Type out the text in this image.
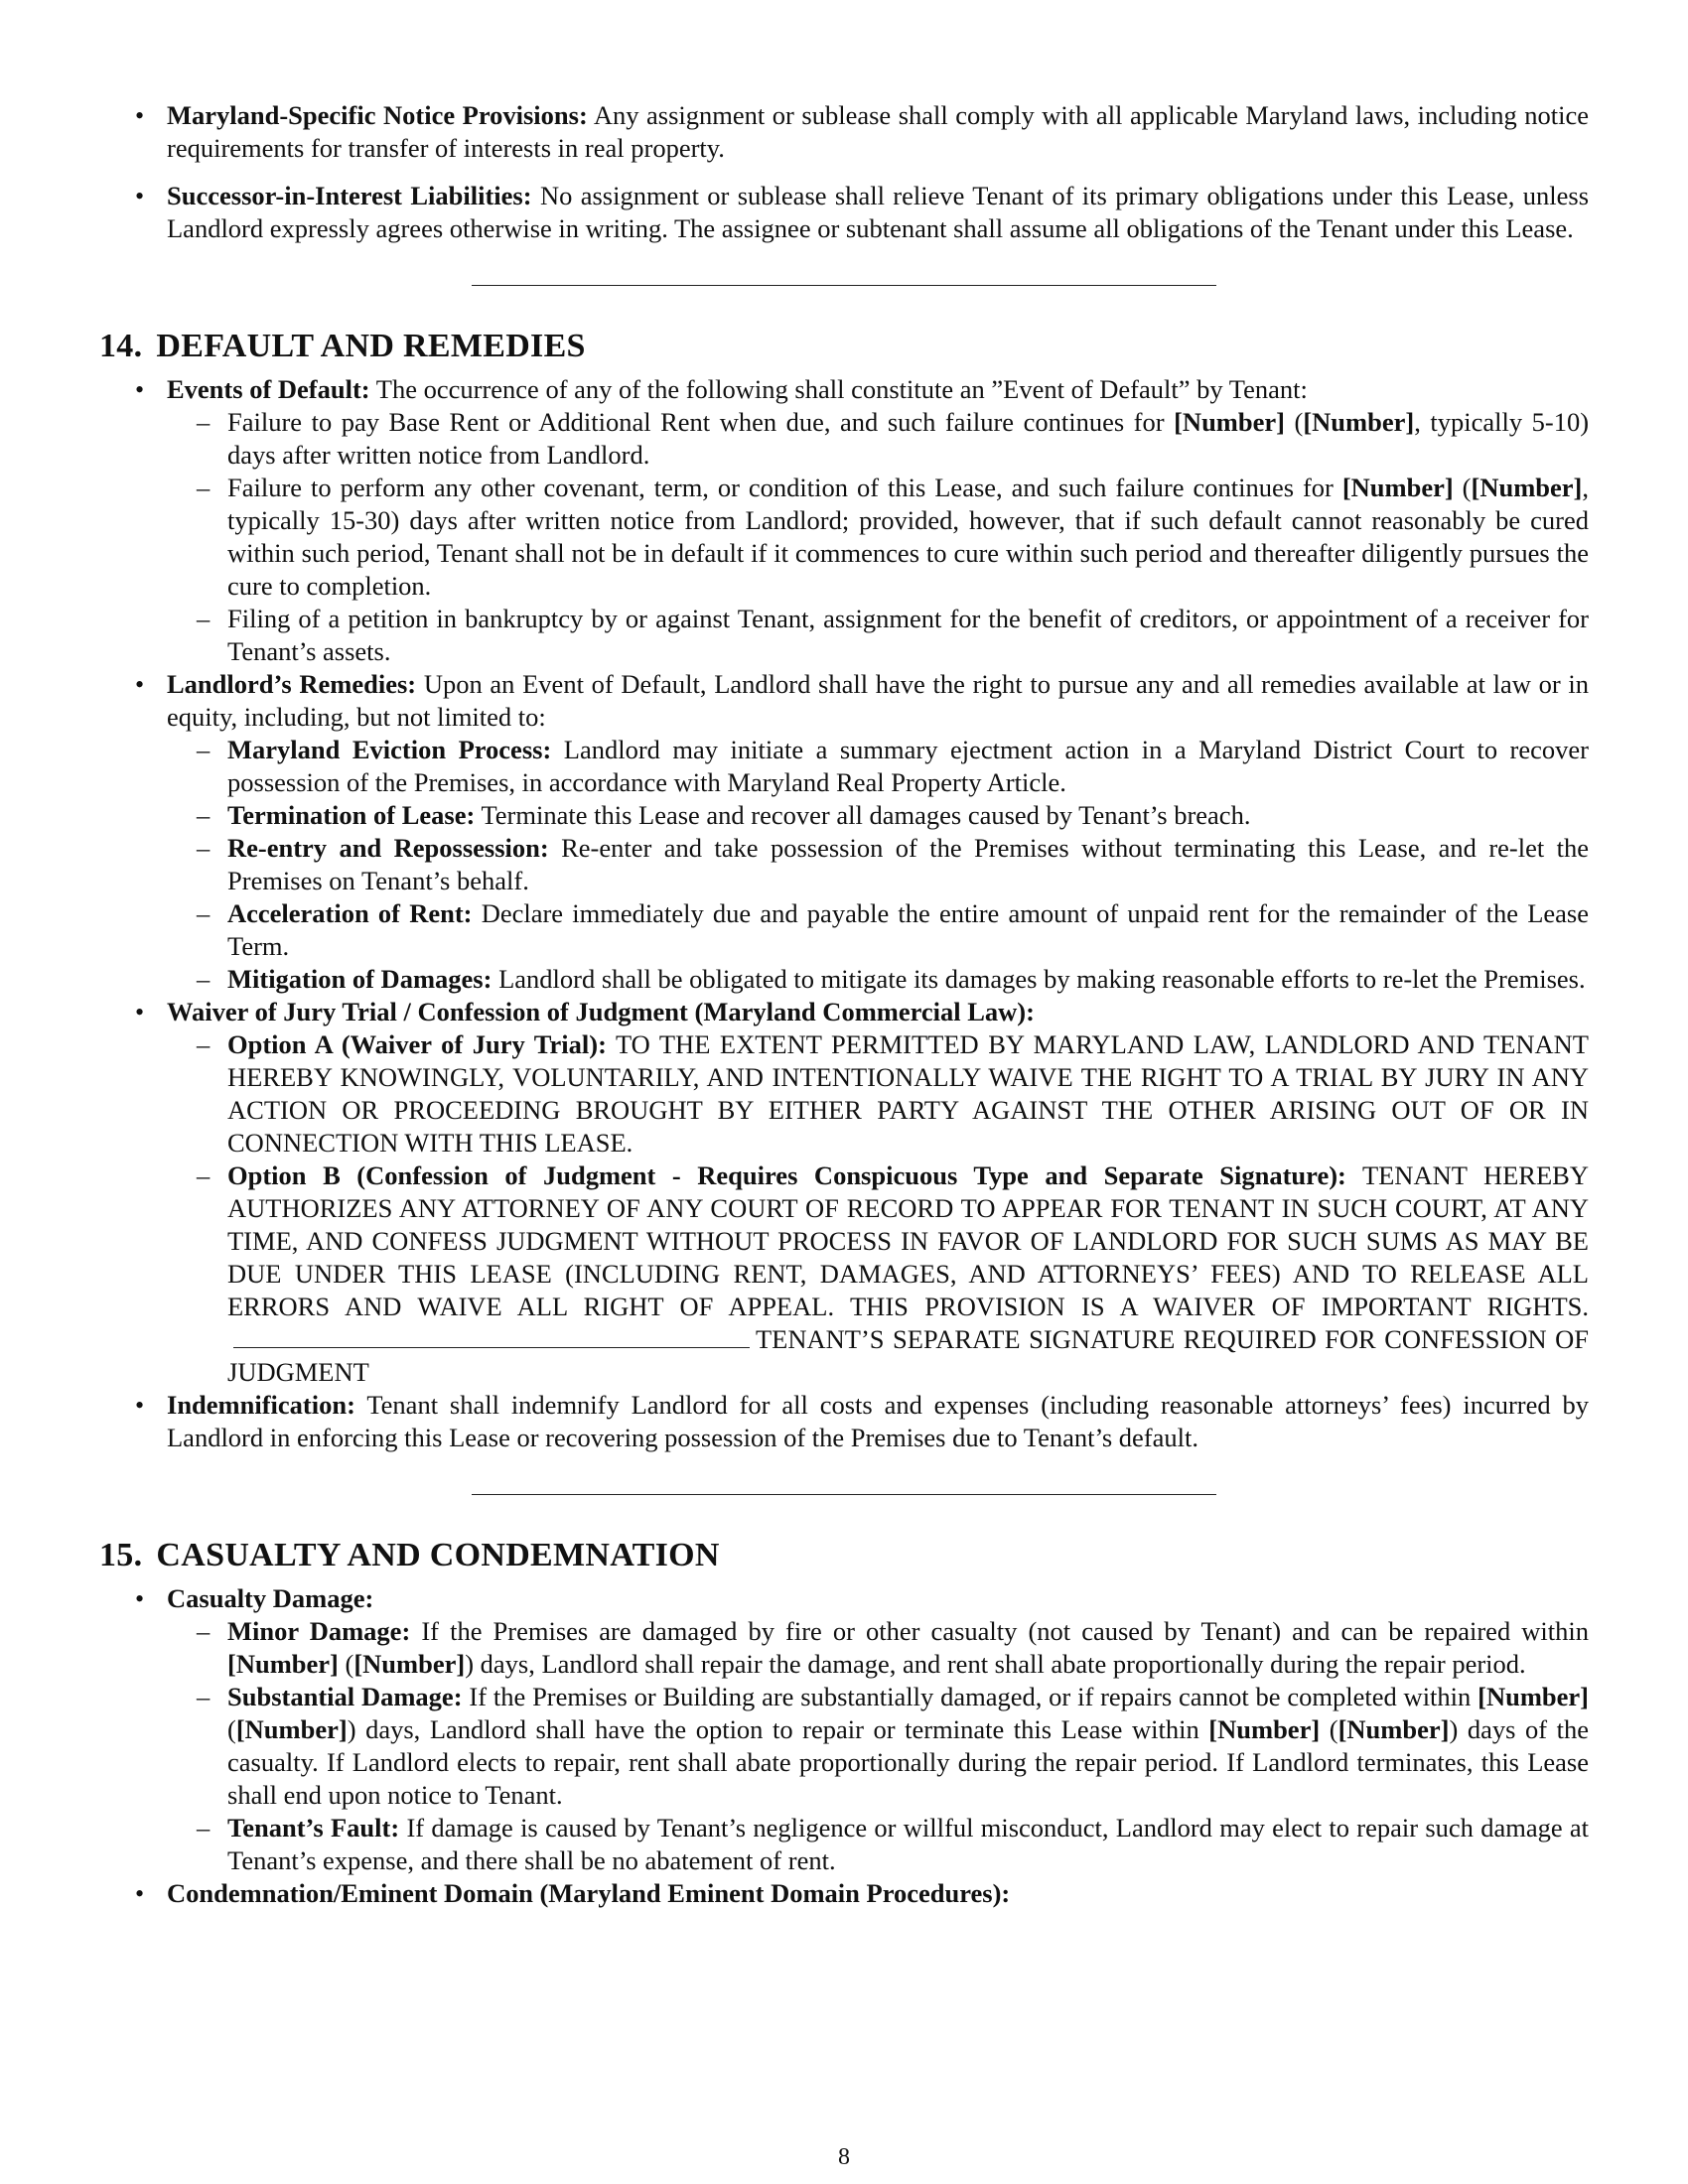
• Maryland-Specific Notice Provisions: Any assignment or sublease shall comply with all applicable Maryland laws, including notice requirements for transfer of interests in real property.
• Successor-in-Interest Liabilities: No assignment or sublease shall relieve Tenant of its primary obligations under this Lease, unless Landlord expressly agrees otherwise in writing. The assignee or subtenant shall assume all obligations of the Tenant under this Lease.
14. DEFAULT AND REMEDIES
• Events of Default: The occurrence of any of the following shall constitute an ”Event of Default” by Tenant:
– Failure to pay Base Rent or Additional Rent when due, and such failure continues for [Number] ([Number], typically 5-10) days after written notice from Landlord.
– Failure to perform any other covenant, term, or condition of this Lease, and such failure continues for [Number] ([Number], typically 15-30) days after written notice from Landlord; provided, however, that if such default cannot reasonably be cured within such period, Tenant shall not be in default if it commences to cure within such period and thereafter diligently pursues the cure to completion.
– Filing of a petition in bankruptcy by or against Tenant, assignment for the benefit of creditors, or appointment of a receiver for Tenant’s assets.
• Landlord’s Remedies: Upon an Event of Default, Landlord shall have the right to pursue any and all remedies available at law or in equity, including, but not limited to:
– Maryland Eviction Process: Landlord may initiate a summary ejectment action in a Maryland District Court to recover possession of the Premises, in accordance with Maryland Real Property Article.
– Termination of Lease: Terminate this Lease and recover all damages caused by Tenant’s breach.
– Re-entry and Repossession: Re-enter and take possession of the Premises without terminating this Lease, and re-let the Premises on Tenant’s behalf.
– Acceleration of Rent: Declare immediately due and payable the entire amount of unpaid rent for the remainder of the Lease Term.
– Mitigation of Damages: Landlord shall be obligated to mitigate its damages by making reasonable efforts to re-let the Premises.
• Waiver of Jury Trial / Confession of Judgment (Maryland Commercial Law):
– Option A (Waiver of Jury Trial): TO THE EXTENT PERMITTED BY MARYLAND LAW, LANDLORD AND TENANT HEREBY KNOWINGLY, VOLUNTARILY, AND INTENTIONALLY WAIVE THE RIGHT TO A TRIAL BY JURY IN ANY ACTION OR PROCEEDING BROUGHT BY EITHER PARTY AGAINST THE OTHER ARISING OUT OF OR IN CONNECTION WITH THIS LEASE.
– Option B (Confession of Judgment - Requires Conspicuous Type and Separate Signature): TENANT HEREBY AUTHORIZES ANY ATTORNEY OF ANY COURT OF RECORD TO APPEAR FOR TENANT IN SUCH COURT, AT ANY TIME, AND CONFESS JUDGMENT WITHOUT PROCESS IN FAVOR OF LANDLORD FOR SUCH SUMS AS MAY BE DUE UNDER THIS LEASE (INCLUDING RENT, DAMAGES, AND ATTORNEYS’ FEES) AND TO RELEASE ALL ERRORS AND WAIVE ALL RIGHT OF APPEAL. THIS PROVISION IS A WAIVER OF IMPORTANT RIGHTS.TENANT’S SEPARATE SIGNATURE REQUIRED FOR CONFESSION OF JUDGMENT
• Indemnification: Tenant shall indemnify Landlord for all costs and expenses (including reasonable attorneys’ fees) incurred by Landlord in enforcing this Lease or recovering possession of the Premises due to Tenant’s default.
15. CASUALTY AND CONDEMNATION
• Casualty Damage:
– Minor Damage: If the Premises are damaged by fire or other casualty (not caused by Tenant) and can be repaired within [Number] ([Number]) days, Landlord shall repair the damage, and rent shall abate proportionally during the repair period.
– Substantial Damage: If the Premises or Building are substantially damaged, or if repairs cannot be completed within [Number] ([Number]) days, Landlord shall have the option to repair or terminate this Lease within [Number] ([Number]) days of the casualty. If Landlord elects to repair, rent shall abate proportionally during the repair period. If Landlord terminates, this Lease shall end upon notice to Tenant.
– Tenant’s Fault: If damage is caused by Tenant’s negligence or willful misconduct, Landlord may elect to repair such damage at Tenant’s expense, and there shall be no abatement of rent.
• Condemnation/Eminent Domain (Maryland Eminent Domain Procedures):
8
